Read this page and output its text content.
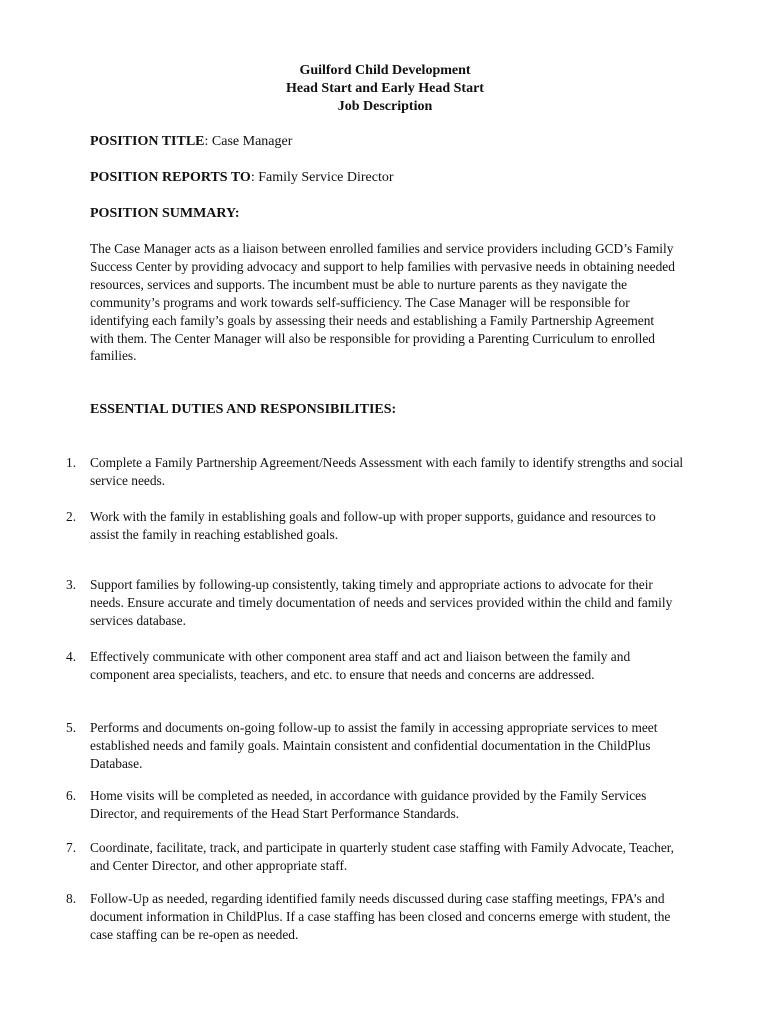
Guilford Child Development
Head Start and Early Head Start
Job Description
POSITION TITLE: Case Manager
POSITION REPORTS TO: Family Service Director
POSITION SUMMARY:

The Case Manager acts as a liaison between enrolled families and service providers including GCD’s Family Success Center by providing advocacy and support to help families with pervasive needs in obtaining needed resources, services and supports. The incumbent must be able to nurture parents as they navigate the community’s programs and work towards self-sufficiency. The Case Manager will be responsible for identifying each family’s goals by assessing their needs and establishing a Family Partnership Agreement with them. The Center Manager will also be responsible for providing a Parenting Curriculum to enrolled families.

ESSENTIAL DUTIES AND RESPONSIBILITIES:
1.	Complete a Family Partnership Agreement/Needs Assessment with each family to identify strengths and social service needs.
2.	Work with the family in establishing goals and follow-up with proper supports, guidance and resources to assist the family in reaching established goals.
3.	Support families by following-up consistently, taking timely and appropriate actions to advocate for their needs. Ensure accurate and timely documentation of needs and services provided within the child and family services database.
4.	Effectively communicate with other component area staff and act and liaison between the family and component area specialists, teachers, and etc. to ensure that needs and concerns are addressed.
5.	Performs and documents on-going follow-up to assist the family in accessing appropriate services to meet established needs and family goals. Maintain consistent and confidential documentation in the ChildPlus Database.
6.	Home visits will be completed as needed, in accordance with guidance provided by the Family Services Director, and requirements of the Head Start Performance Standards.
7.	Coordinate, facilitate, track, and participate in quarterly student case staffing with Family Advocate, Teacher, and Center Director, and other appropriate staff.
8.	Follow-Up as needed, regarding identified family needs discussed during case staffing meetings, FPA’s and document information in ChildPlus. If a case staffing has been closed and concerns emerge with student, the case staffing can be re-open as needed.
